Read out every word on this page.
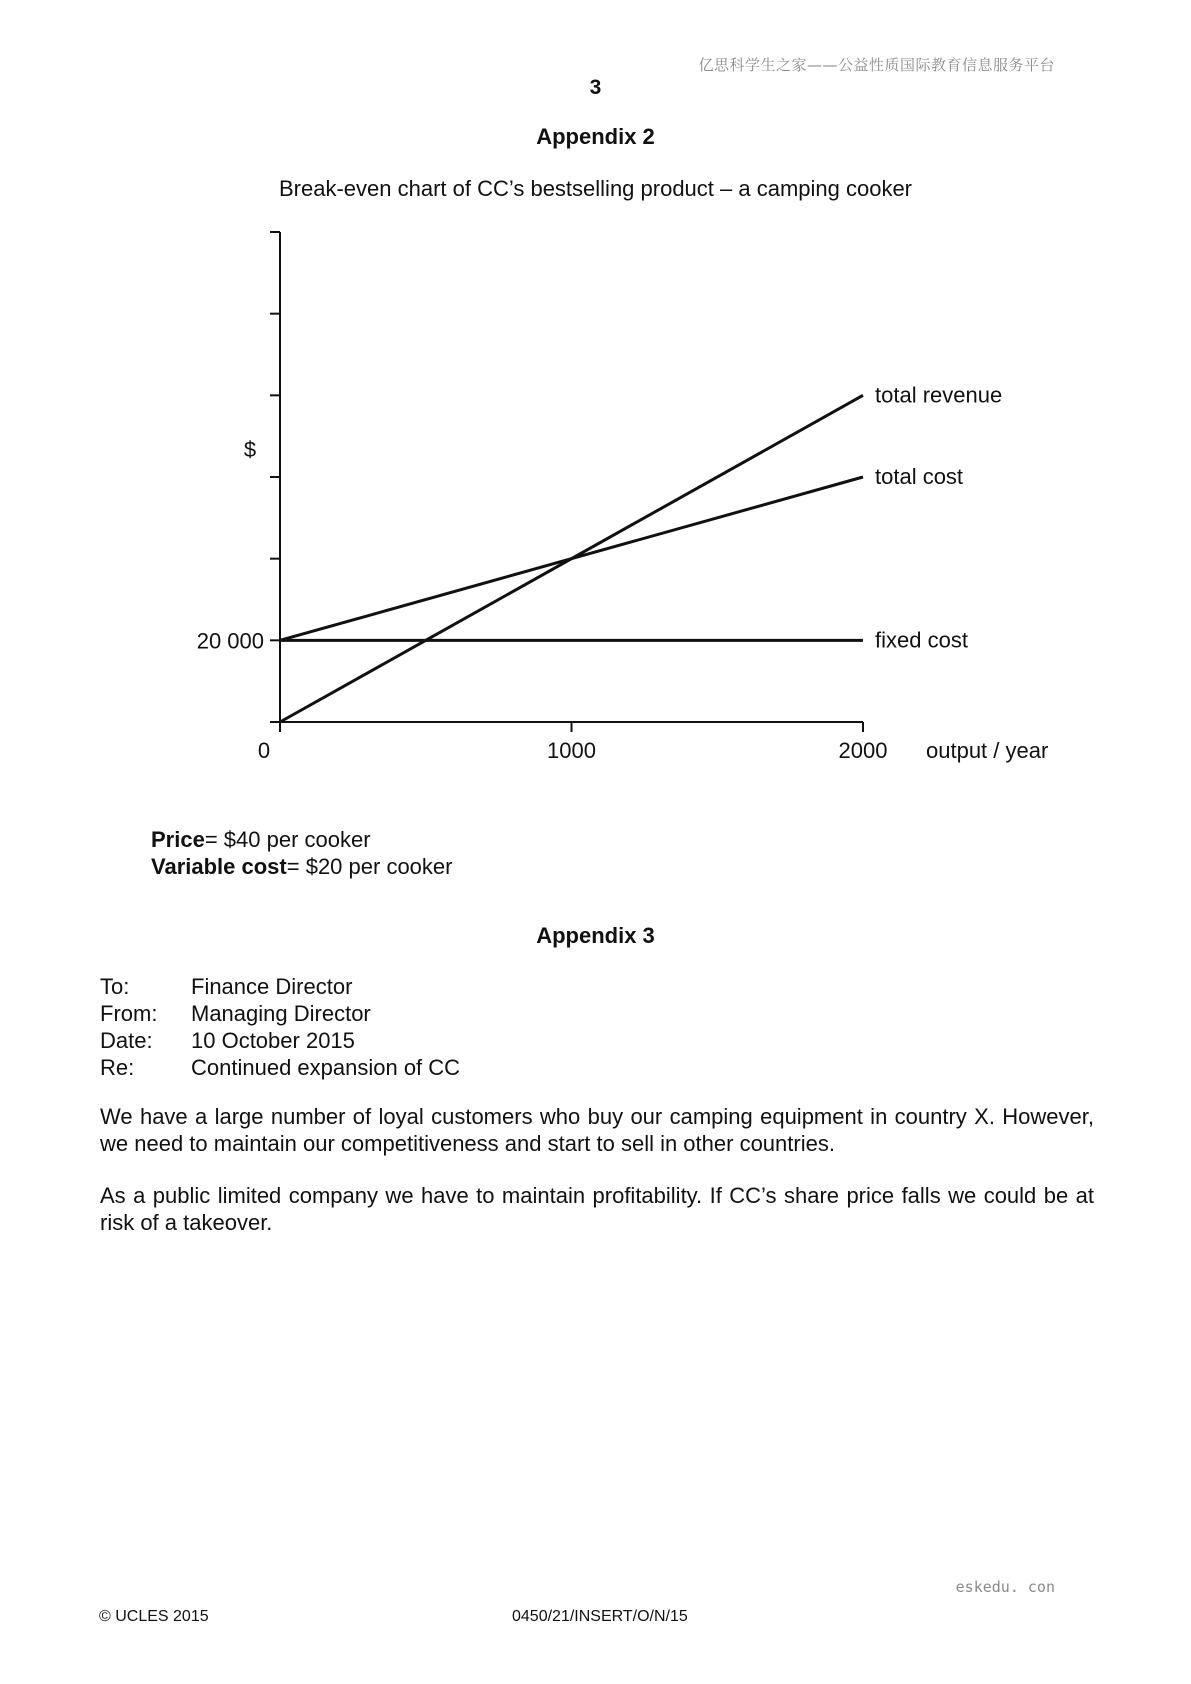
亿思科学生之家——公益性质国际教育信息服务平台
3
Appendix 2
Break-even chart of CC’s bestselling product – a camping cooker
20 000
0	1000	2000
total revenue
total cost
fixed cost
$
output / year
Price= $40 per cooker
Variable cost= $20 per cooker
Appendix 3
To:	Finance Director
From:	Managing Director
Date:	10 October 2015
Re:	Continued expansion of CC
We have a large number of loyal customers who buy our camping equipment in country X. However, we need to maintain our competitiveness and start to sell in other countries.
As a public limited company we have to maintain profitability. If CC’s share price falls we could be at risk of a takeover.
eskedu. con
© UCLES 2015	0450/21/INSERT/O/N/15
